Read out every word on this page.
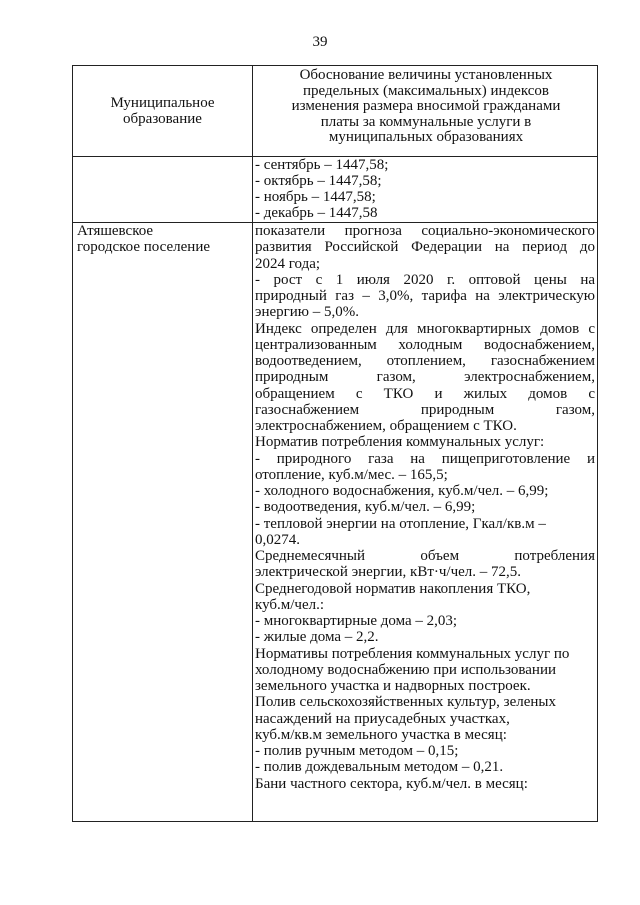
39
Муниципальное
образование
Обоснование величины установленных
предельных (максимальных) индексов
изменения размера вносимой гражданами
платы за коммунальные услуги в
муниципальных образованиях
- сентябрь – 1447,58;
- октябрь – 1447,58;
- ноябрь – 1447,58;
- декабрь – 1447,58
Атяшевское
городское поселение
показатели прогноза социально-экономического
развития Российской Федерации на период до
2024 года;
- рост с 1 июля 2020 г. оптовой цены на
природный газ – 3,0%, тарифа на электрическую
энергию – 5,0%.
Индекс определен для многоквартирных домов с
централизованным холодным водоснабжением,
водоотведением, отоплением, газоснабжением
природным газом, электроснабжением,
обращением с ТКО и жилых домов с
газоснабжением природным газом,
электроснабжением, обращением с ТКО.
Норматив потребления коммунальных услуг:
- природного газа на пищеприготовление и
отопление, куб.м/мес. – 165,5;
- холодного водоснабжения, куб.м/чел. – 6,99;
- водоотведения, куб.м/чел. – 6,99;
- тепловой энергии на отопление, Гкал/кв.м –
0,0274.
Среднемесячный объем потребления
электрической энергии, кВт·ч/чел. – 72,5.
Среднегодовой норматив накопления ТКО,
куб.м/чел.:
- многоквартирные дома – 2,03;
- жилые дома – 2,2.
Нормативы потребления коммунальных услуг по
холодному водоснабжению при использовании
земельного участка и надворных построек.
Полив сельскохозяйственных культур, зеленых
насаждений на приусадебных участках,
куб.м/кв.м земельного участка в месяц:
- полив ручным методом – 0,15;
- полив дождевальным методом – 0,21.
Бани частного сектора, куб.м/чел. в месяц:
